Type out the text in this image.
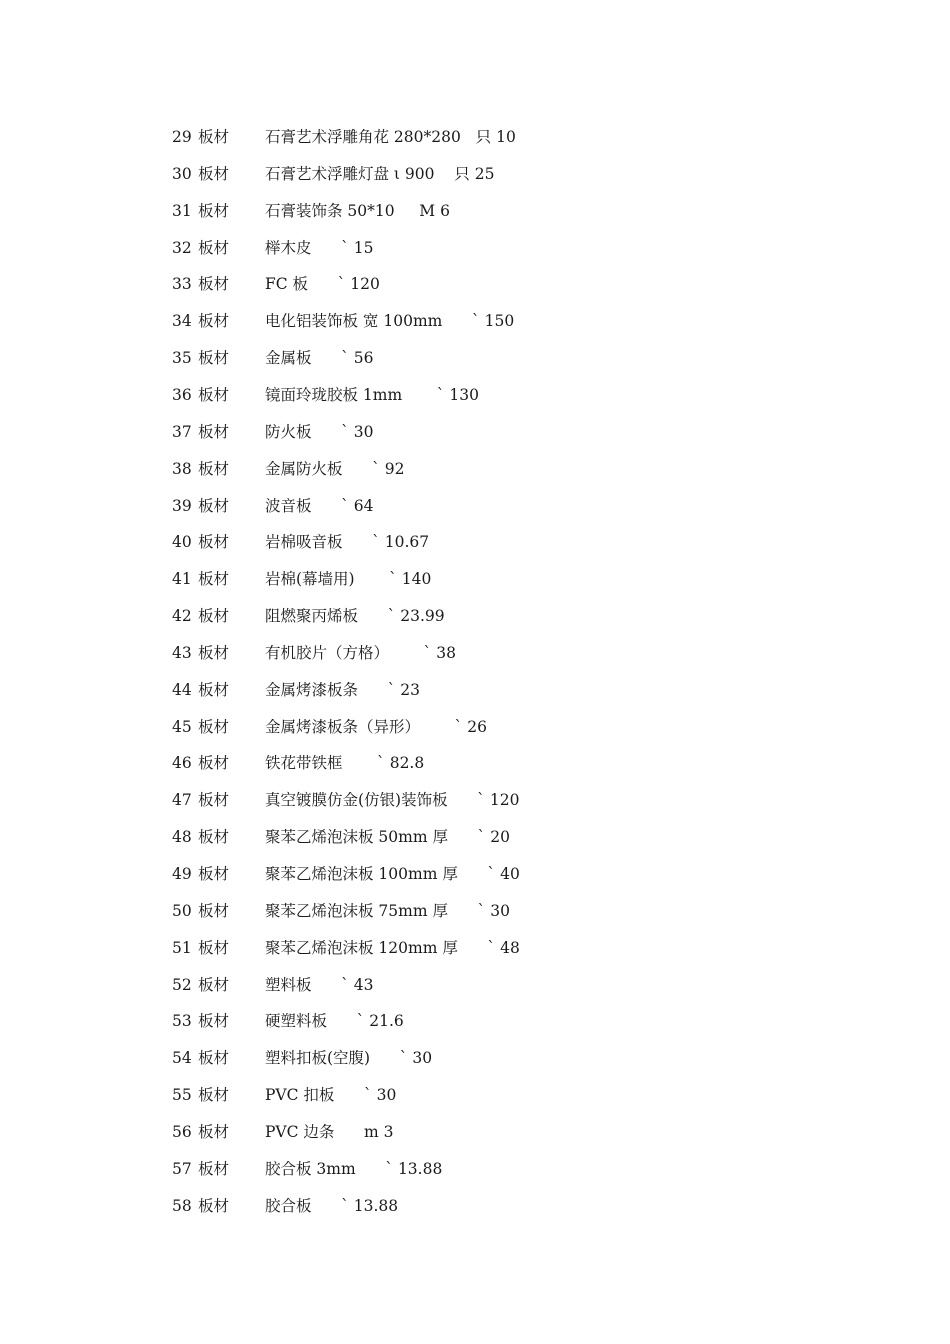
29 板材 石膏艺术浮雕角花 280*280 只 10
30 板材 石膏艺术浮雕灯盘 ι 900 只 25
31 板材 石膏装饰条 50*10 M 6
32 板材 榉木皮 ` 15
33 板材 FC 板 ` 120
34 板材 电化铝装饰板 宽 100mm ` 150
35 板材 金属板 ` 56
36 板材 镜面玲珑胶板 1mm ` 130
37 板材 防火板 ` 30
38 板材 金属防火板 ` 92
39 板材 波音板 ` 64
40 板材 岩棉吸音板 ` 10.67
41 板材 岩棉(幕墙用) ` 140
42 板材 阻燃聚丙烯板 ` 23.99
43 板材 有机胶片（方格） ` 38
44 板材 金属烤漆板条 ` 23
45 板材 金属烤漆板条（异形） ` 26
46 板材 铁花带铁框 ` 82.8
47 板材 真空镀膜仿金(仿银)装饰板 ` 120
48 板材 聚苯乙烯泡沫板 50mm 厚 ` 20
49 板材 聚苯乙烯泡沫板 100mm 厚 ` 40
50 板材 聚苯乙烯泡沫板 75mm 厚 ` 30
51 板材 聚苯乙烯泡沫板 120mm 厚 ` 48
52 板材 塑料板 ` 43
53 板材 硬塑料板 ` 21.6
54 板材 塑料扣板(空腹) ` 30
55 板材 PVC 扣板 ` 30
56 板材 PVC 边条 m 3
57 板材 胶合板 3mm ` 13.88
58 板材 胶合板 ` 13.88
